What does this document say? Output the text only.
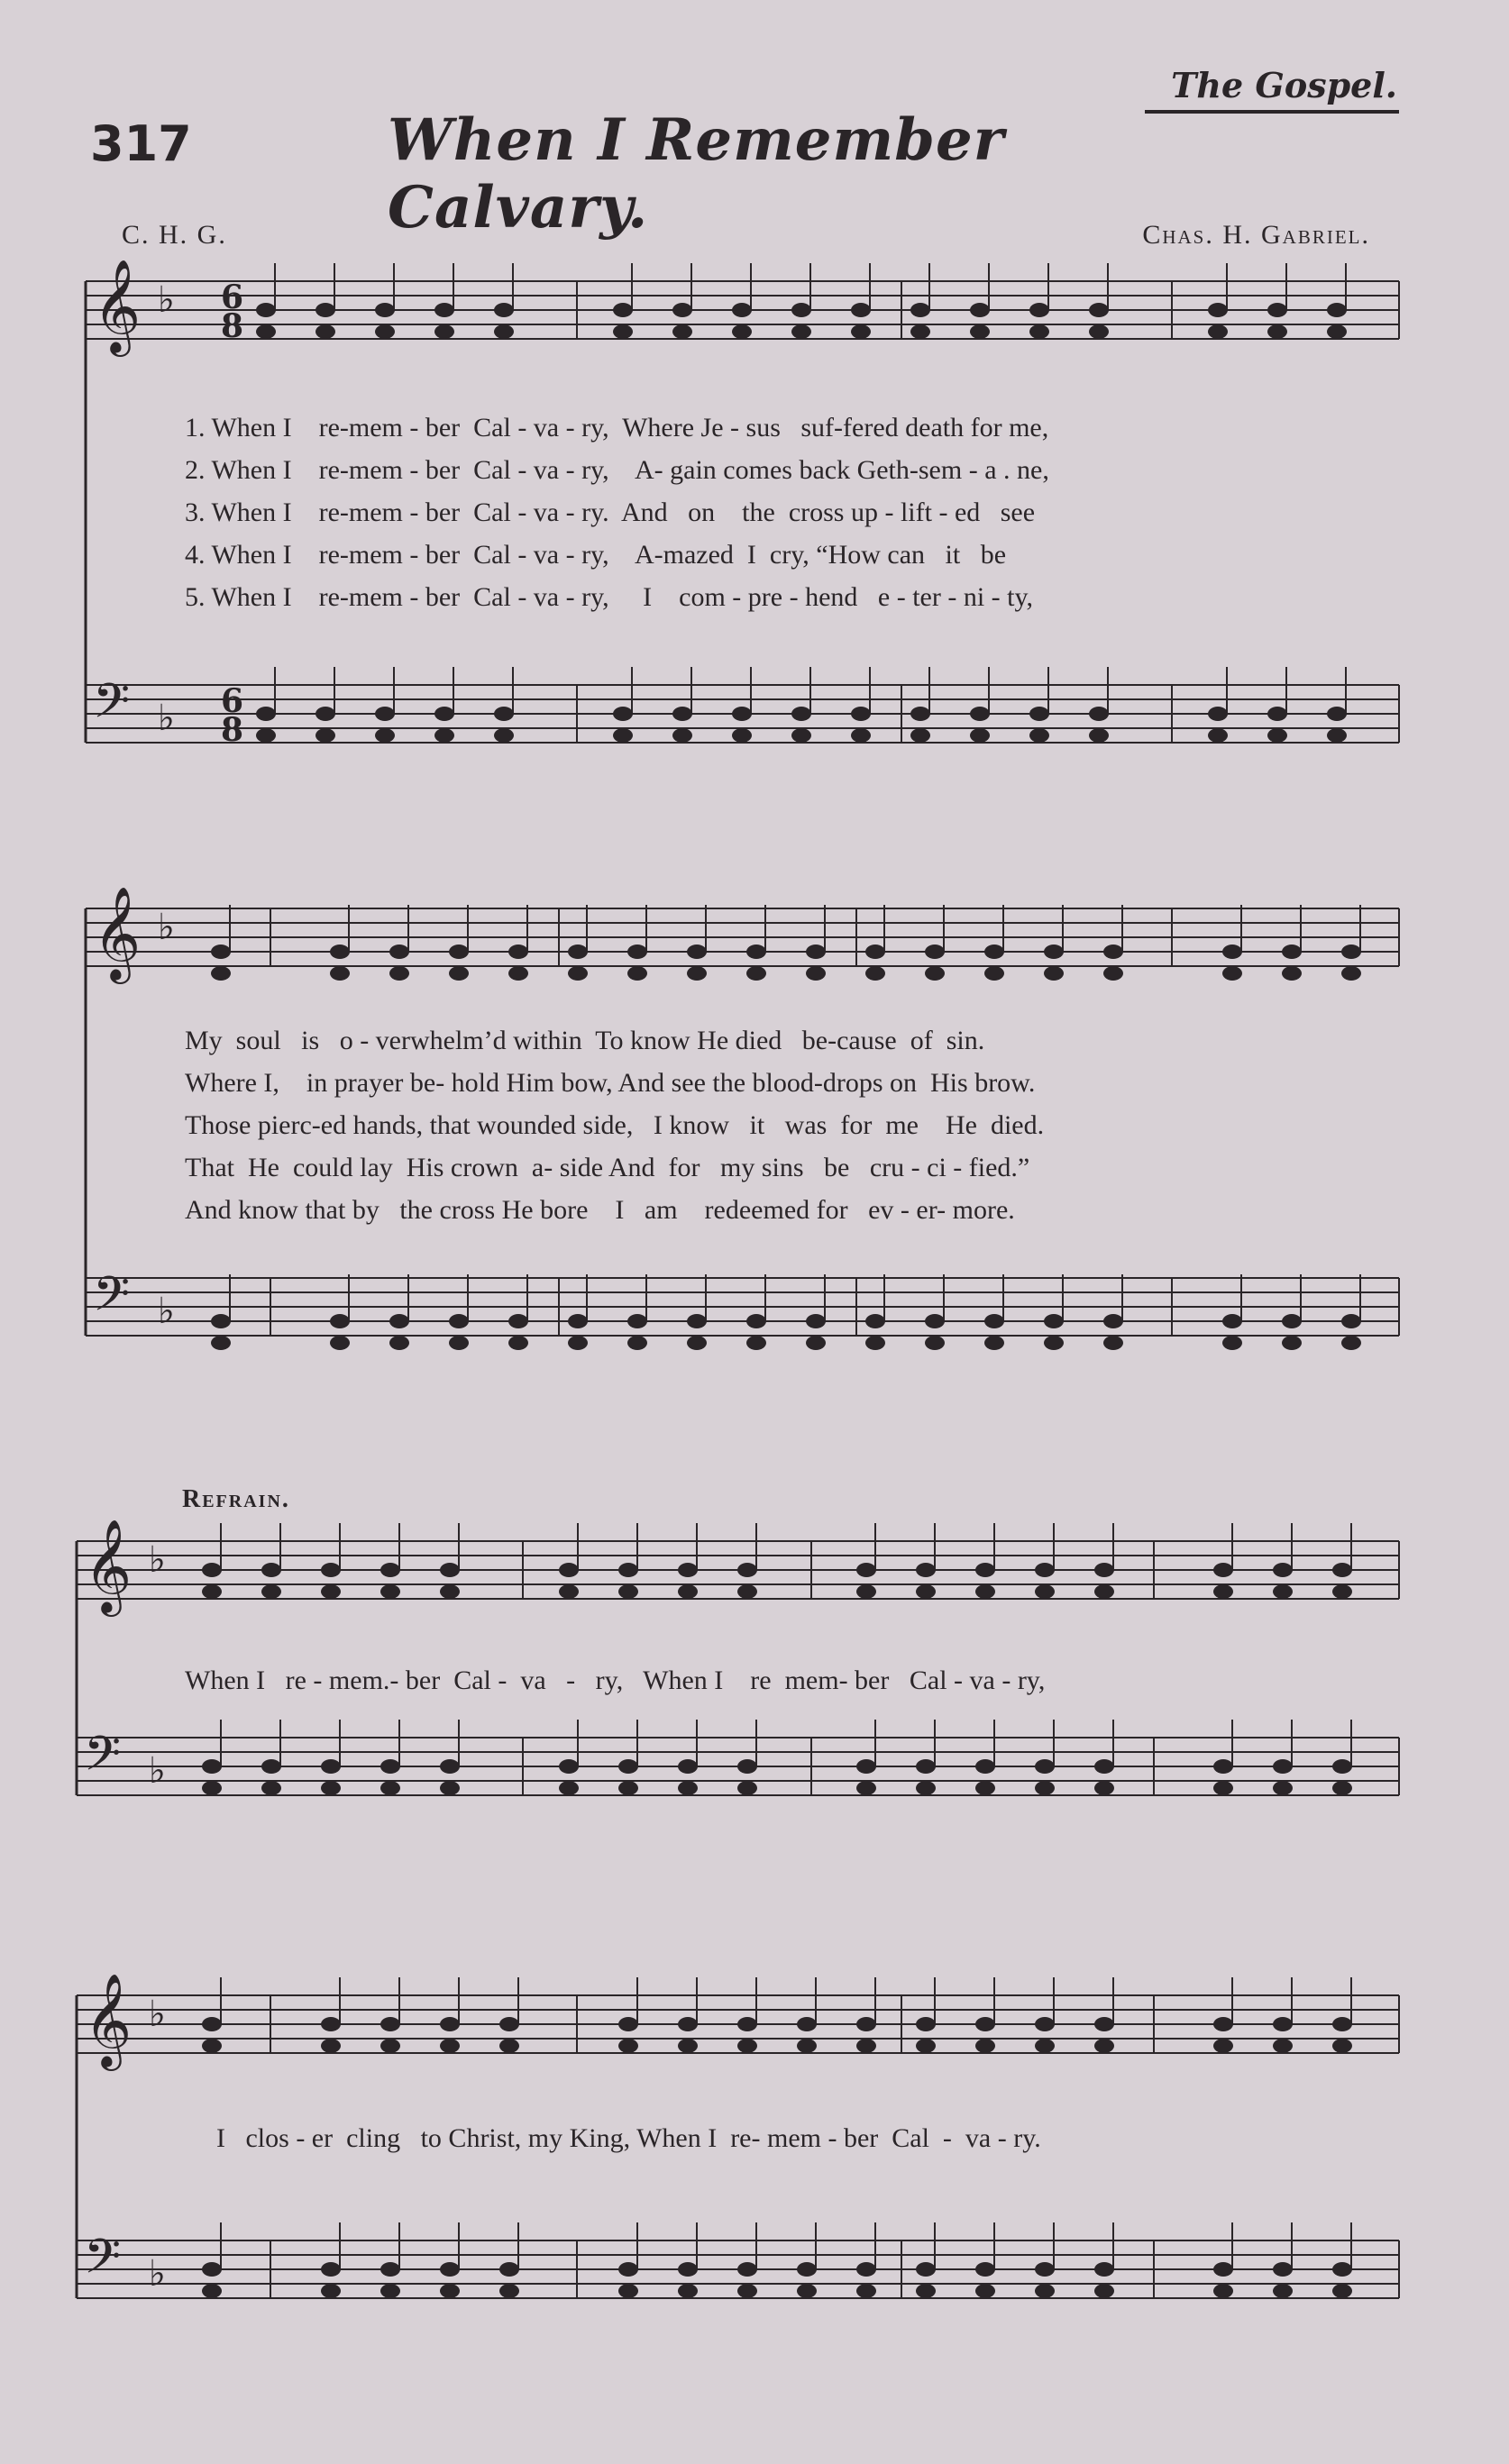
The Gospel.
317	When I Remember Calvary.
C. H. G.	Chas. H. Gabriel.
𝄞 ♭
𝄢 ♭
𝄞 ♭
𝄢 ♭
𝄞 ♭
𝄢 ♭
𝄞 ♭
𝄢 ♭
6
8
6
8
1. When I    re-mem - ber  Cal - va - ry,  Where Je - sus   suf-fered death for me,
2. When I    re-mem - ber  Cal - va - ry,    A- gain comes back Geth-sem - a . ne,
3. When I    re-mem - ber  Cal - va - ry.  And   on    the  cross up - lift - ed   see
4. When I    re-mem - ber  Cal - va - ry,    A-mazed  I  cry, “How can   it   be
5. When I    re-mem - ber  Cal - va - ry,     I    com - pre - hend   e - ter - ni - ty,
My  soul   is   o - verwhelm’d within  To know He died   be-cause  of  sin.
Where I,    in prayer be- hold Him bow, And see the blood-drops on  His brow.
Those pierc-ed hands, that wounded side,   I know   it   was  for  me    He  died.
That  He  could lay  His crown  a- side And  for   my sins   be   cru - ci - fied.”
And know that by   the cross He bore    I   am    redeemed for   ev - er- more.
Refrain.
When I   re - mem.- ber  Cal -  va   -   ry,   When I    re  mem- ber   Cal - va - ry,
I   clos - er  cling   to Christ, my King, When I  re- mem - ber  Cal  -  va - ry.
